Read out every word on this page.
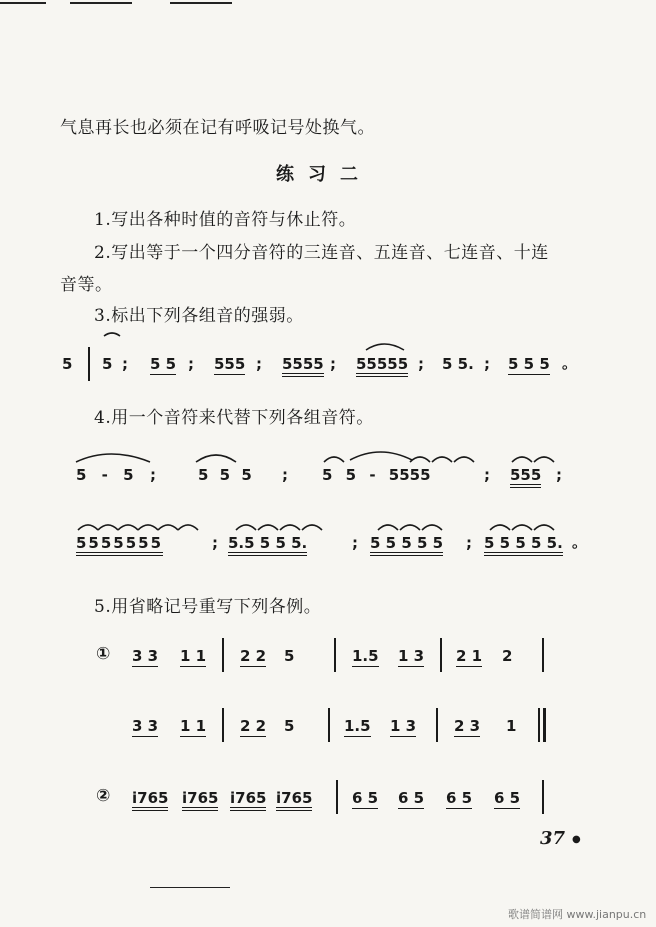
气息再长也必须在记有呼吸记号处换气。
练习二
1.写出各种时值的音符与休止符。
2.写出等于一个四分音符的三连音、五连音、七连音、十连
音等。
3.标出下列各组音的强弱。
5 5 ; 5 5 ; 555 ; 5555 ; 55555 ; 5 5. ; 5 5 5 。
4.用一个音符来代替下列各组音符。
5 - 5 ;	5 5 5 ; 5 5 - 5555	; 555 ;
5555555	; 5.5 5 5 5.	; 5 5 5 5 5 ; 5 5 5 5 5. 。
5.用省略记号重写下列各例。
① 3 3 1 1 2 2 5	1.5 1 3 2 1 2
3 3 1 1 2 2 5	1.5 1 3	2 3 1
② i765 i765 i765 i765	6 5 6 5 6 5 6 5
37 ●
歌谱简谱网 www.jianpu.cn
